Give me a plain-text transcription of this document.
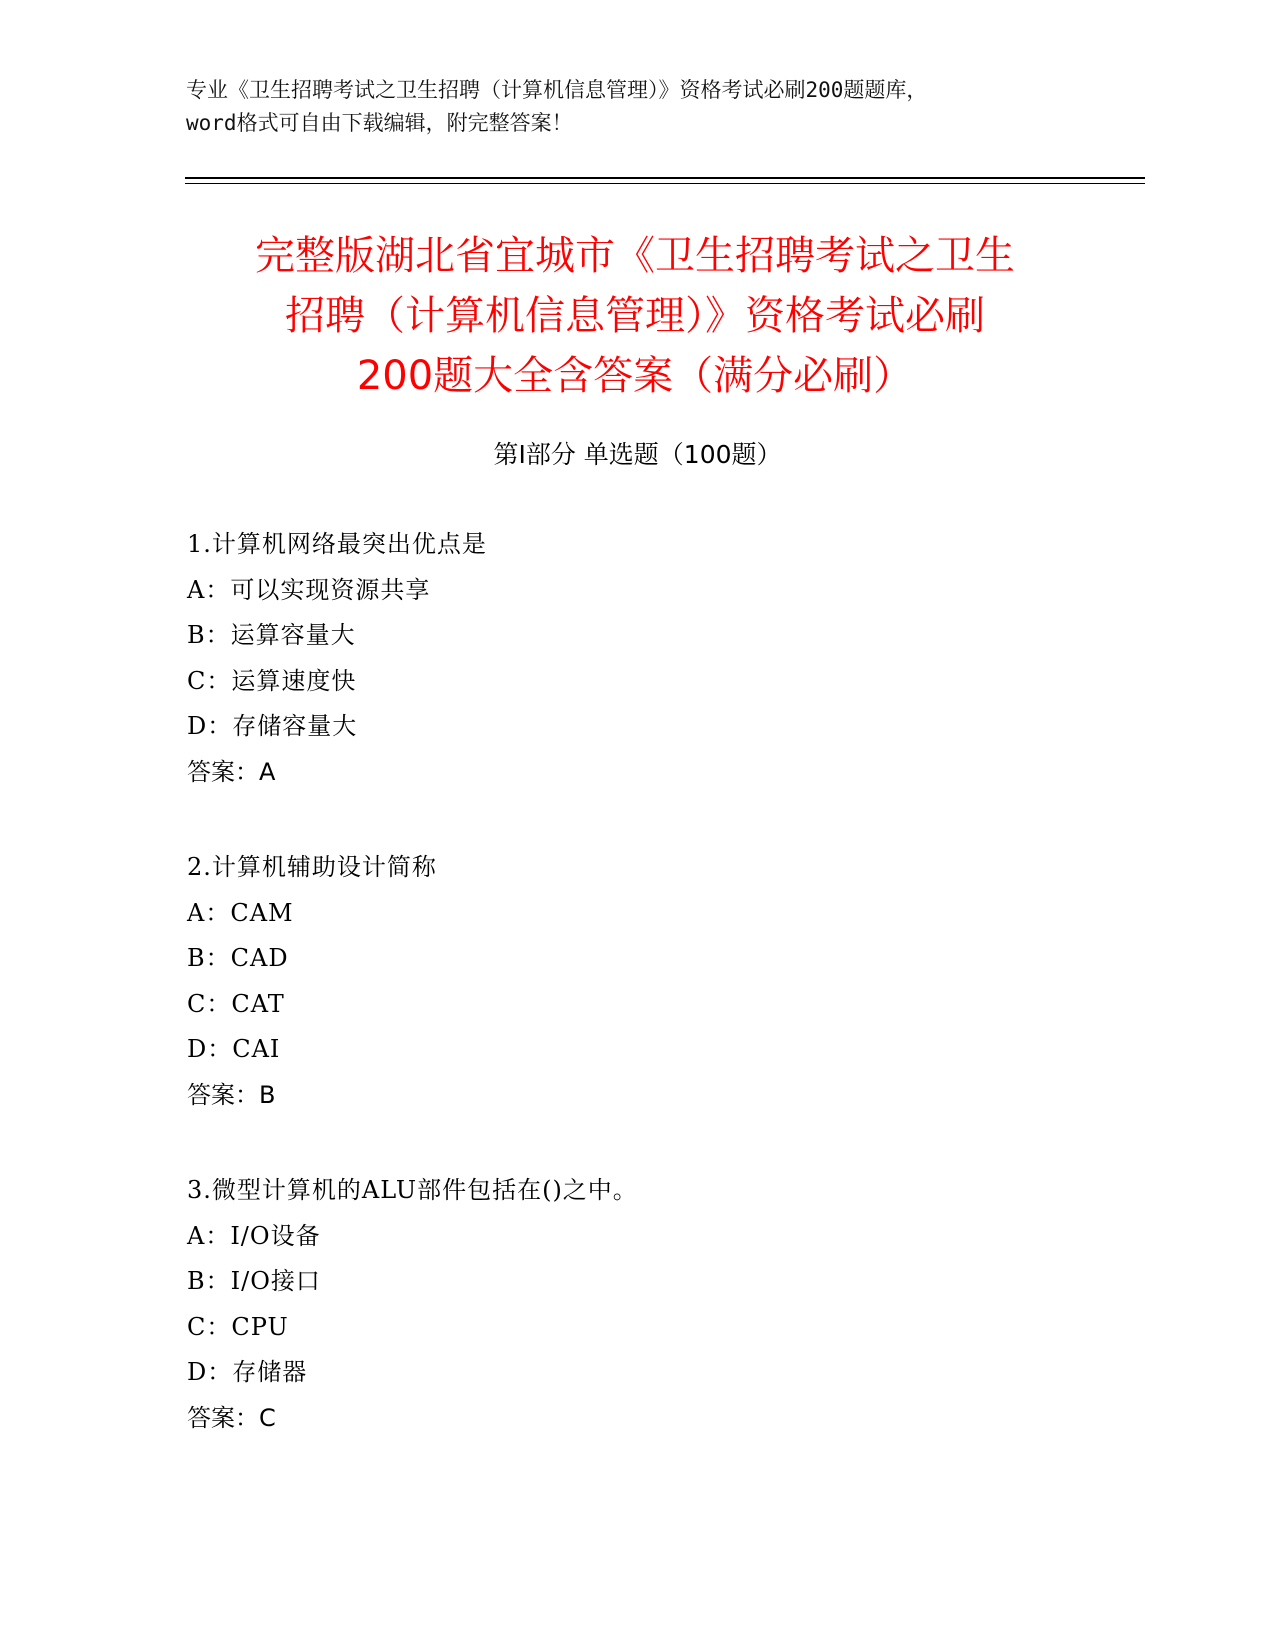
专业《卫生招聘考试之卫生招聘（计算机信息管理）》资格考试必刷200题题库，
word格式可自由下载编辑，附完整答案！
完整版湖北省宜城市《卫生招聘考试之卫生
招聘（计算机信息管理）》资格考试必刷
200题大全含答案（满分必刷）
第Ⅰ部分 单选题（100题）
1.计算机网络最突出优点是
A：可以实现资源共享
B：运算容量大
C：运算速度快
D：存储容量大
答案：A
2.计算机辅助设计简称
A：CAM
B：CAD
C：CAT
D：CAI
答案：B
3.微型计算机的ALU部件包括在()之中。
A：I/O设备
B：I/O接口
C：CPU
D：存储器
答案：C
